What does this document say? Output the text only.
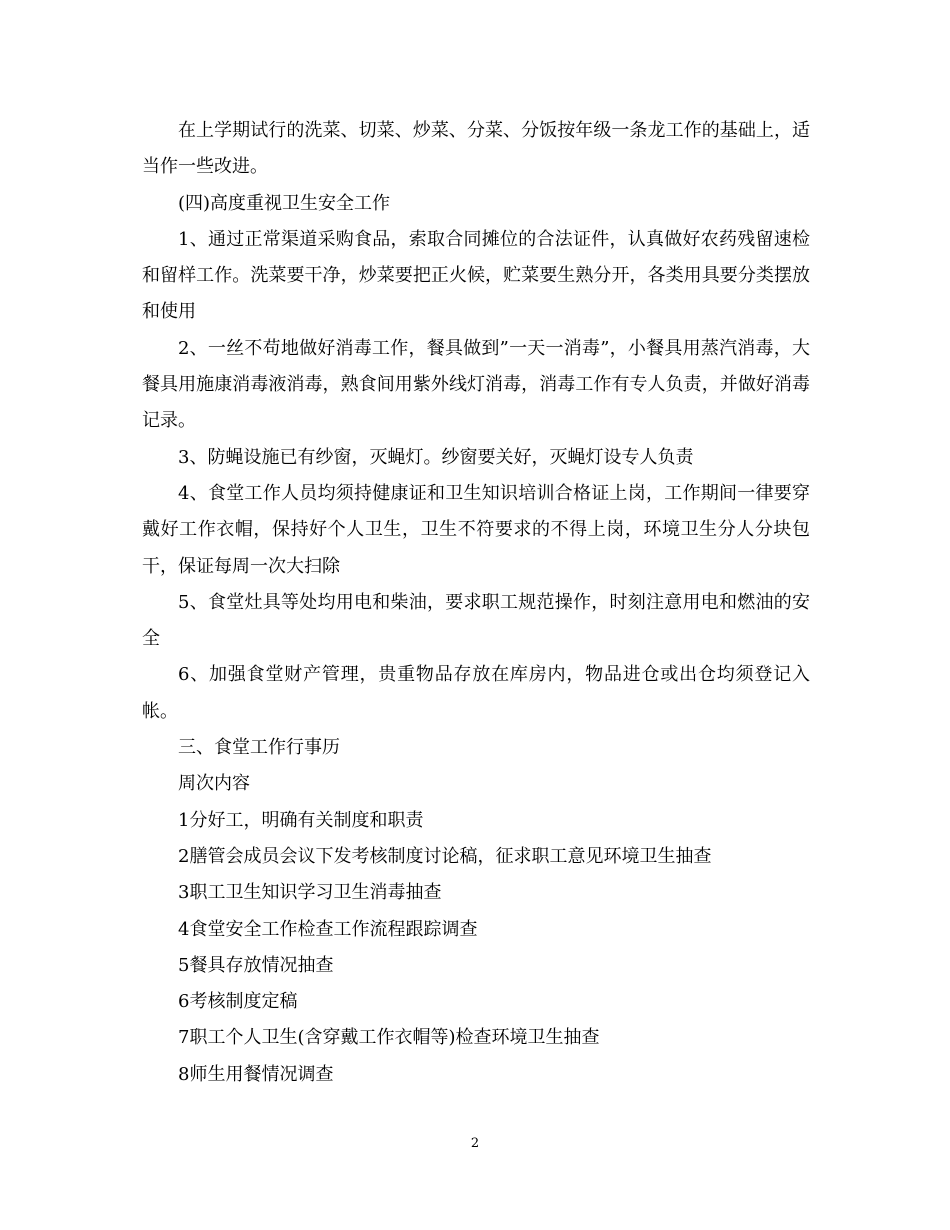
在上学期试行的洗菜、切菜、炒菜、分菜、分饭按年级一条龙工作的基础上，适当作一些改进。

(四)高度重视卫生安全工作

1、通过正常渠道采购食品，索取合同摊位的合法证件，认真做好农药残留速检和留样工作。洗菜要干净，炒菜要把正火候，贮菜要生熟分开，各类用具要分类摆放和使用

2、一丝不苟地做好消毒工作，餐具做到”一天一消毒”，小餐具用蒸汽消毒，大餐具用施康消毒液消毒，熟食间用紫外线灯消毒，消毒工作有专人负责，并做好消毒记录。

3、防蝇设施已有纱窗，灭蝇灯。纱窗要关好，灭蝇灯设专人负责

4、食堂工作人员均须持健康证和卫生知识培训合格证上岗，工作期间一律要穿戴好工作衣帽，保持好个人卫生，卫生不符要求的不得上岗，环境卫生分人分块包干，保证每周一次大扫除

5、食堂灶具等处均用电和柴油，要求职工规范操作，时刻注意用电和燃油的安全

6、加强食堂财产管理，贵重物品存放在库房内，物品进仓或出仓均须登记入帐。

三、食堂工作行事历

周次内容

1分好工，明确有关制度和职责

2膳管会成员会议下发考核制度讨论稿，征求职工意见环境卫生抽查

3职工卫生知识学习卫生消毒抽查

4食堂安全工作检查工作流程跟踪调查

5餐具存放情况抽查

6考核制度定稿

7职工个人卫生(含穿戴工作衣帽等)检查环境卫生抽查

8师生用餐情况调查

2
